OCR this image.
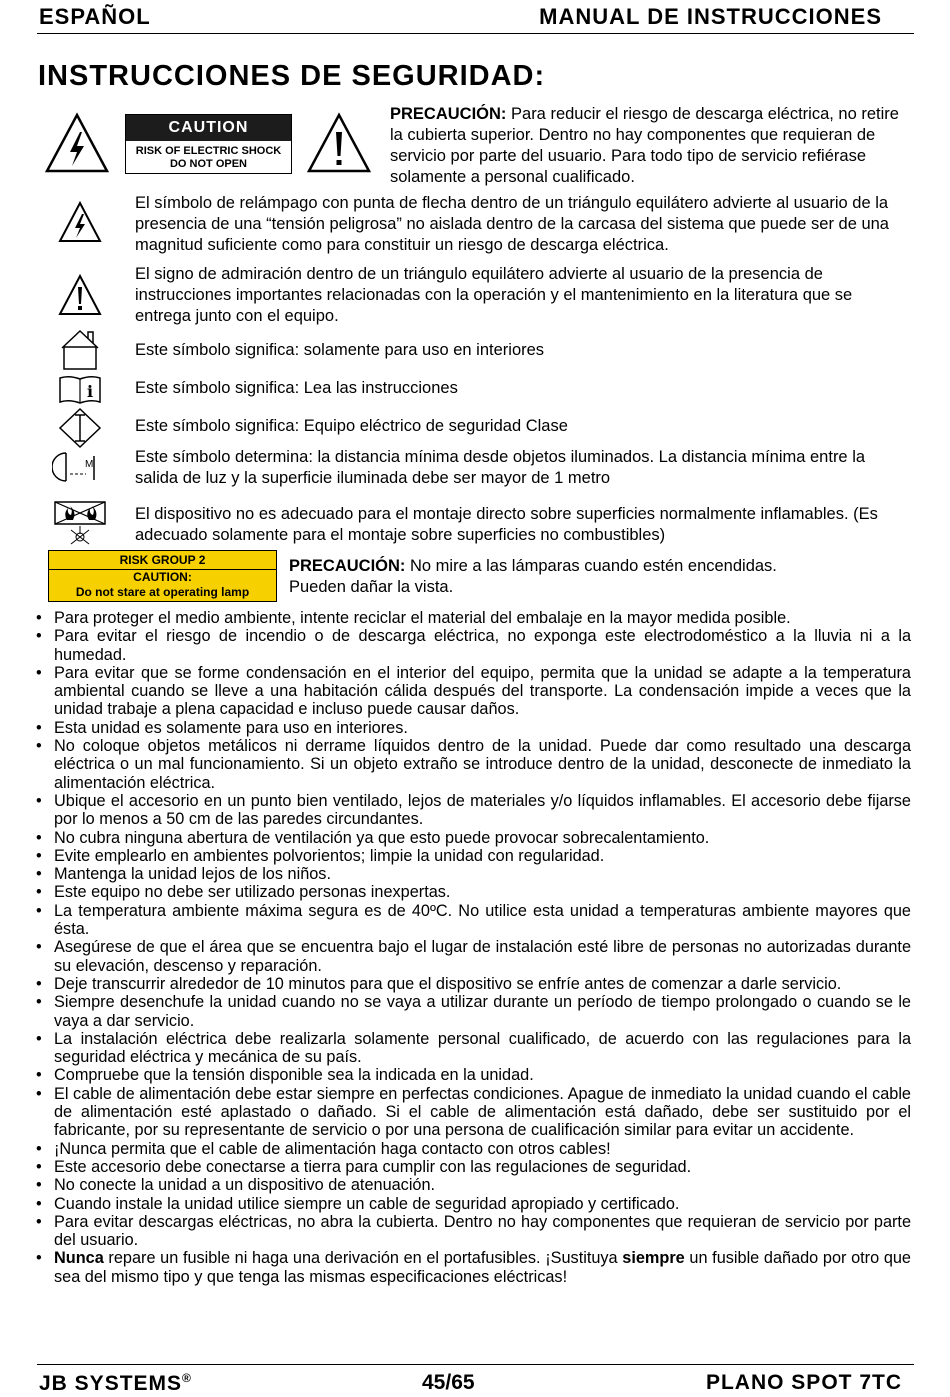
ESPAÑOL	MANUAL DE INSTRUCCIONES
INSTRUCCIONES DE SEGURIDAD:
CAUTION
RISK OF ELECTRIC SHOCK
DO NOT OPEN
PRECAUCIÓN: Para reducir el riesgo de descarga eléctrica, no retire la cubierta superior. Dentro no hay componentes que requieran de servicio por parte del usuario. Para todo tipo de servicio refiérase solamente a personal cualificado.
El símbolo de relámpago con punta de flecha dentro de un triángulo equilátero advierte al usuario de la presencia de una “tensión peligrosa” no aislada dentro de la carcasa del sistema que puede ser de una magnitud suficiente como para constituir un riesgo de descarga eléctrica.
El signo de admiración dentro de un triángulo equilátero advierte al usuario de la presencia de instrucciones importantes relacionadas con la operación y el mantenimiento en la literatura que se entrega junto con el equipo.
Este símbolo significa: solamente para uso en interiores
i	Este símbolo significa: Lea las instrucciones
Este símbolo significa: Equipo eléctrico de seguridad Clase
M	Este símbolo determina: la distancia mínima desde objetos iluminados. La distancia mínima entre la salida de luz y la superficie iluminada debe ser mayor de 1 metro
El dispositivo no es adecuado para el montaje directo sobre superficies normalmente inflamables. (Es adecuado solamente para el montaje sobre superficies no combustibles)
RISK GROUP 2
CAUTION:
Do not stare at operating lamp
PRECAUCIÓN: No mire a las lámparas cuando estén encendidas.
Pueden dañar la vista.
• Para proteger el medio ambiente, intente reciclar el material del embalaje en la mayor medida posible.
• Para evitar el riesgo de incendio o de descarga eléctrica, no exponga este electrodoméstico a la lluvia ni a la humedad.
• Para evitar que se forme condensación en el interior del equipo, permita que la unidad se adapte a la temperatura ambiental cuando se lleve a una habitación cálida después del transporte. La condensación impide a veces que la unidad trabaje a plena capacidad e incluso puede causar daños.
• Esta unidad es solamente para uso en interiores.
• No coloque objetos metálicos ni derrame líquidos dentro de la unidad. Puede dar como resultado una descarga eléctrica o un mal funcionamiento. Si un objeto extraño se introduce dentro de la unidad, desconecte de inmediato la alimentación eléctrica.
• Ubique el accesorio en un punto bien ventilado, lejos de materiales y/o líquidos inflamables. El accesorio debe fijarse por lo menos a 50 cm de las paredes circundantes.
• No cubra ninguna abertura de ventilación ya que esto puede provocar sobrecalentamiento.
• Evite emplearlo en ambientes polvorientos; limpie la unidad con regularidad.
• Mantenga la unidad lejos de los niños.
• Este equipo no debe ser utilizado personas inexpertas.
• La temperatura ambiente máxima segura es de 40ºC. No utilice esta unidad a temperaturas ambiente mayores que ésta.
• Asegúrese de que el área que se encuentra bajo el lugar de instalación esté libre de personas no autorizadas durante su elevación, descenso y reparación.
• Deje transcurrir alrededor de 10 minutos para que el dispositivo se enfríe antes de comenzar a darle servicio.
• Siempre desenchufe la unidad cuando no se vaya a utilizar durante un período de tiempo prolongado o cuando se le vaya a dar servicio.
• La instalación eléctrica debe realizarla solamente personal cualificado, de acuerdo con las regulaciones para la seguridad eléctrica y mecánica de su país.
• Compruebe que la tensión disponible sea la indicada en la unidad.
• El cable de alimentación debe estar siempre en perfectas condiciones. Apague de inmediato la unidad cuando el cable de alimentación esté aplastado o dañado. Si el cable de alimentación está dañado, debe ser sustituido por el fabricante, por su representante de servicio o por una persona de cualificación similar para evitar un accidente.
• ¡Nunca permita que el cable de alimentación haga contacto con otros cables!
• Este accesorio debe conectarse a tierra para cumplir con las regulaciones de seguridad.
• No conecte la unidad a un dispositivo de atenuación.
• Cuando instale la unidad utilice siempre un cable de seguridad apropiado y certificado.
• Para evitar descargas eléctricas, no abra la cubierta. Dentro no hay componentes que requieran de servicio por parte del usuario.
• Nunca repare un fusible ni haga una derivación en el portafusibles. ¡Sustituya siempre un fusible dañado por otro que sea del mismo tipo y que tenga las mismas especificaciones eléctricas!
JB SYSTEMS®	45/65	PLANO SPOT 7TC
